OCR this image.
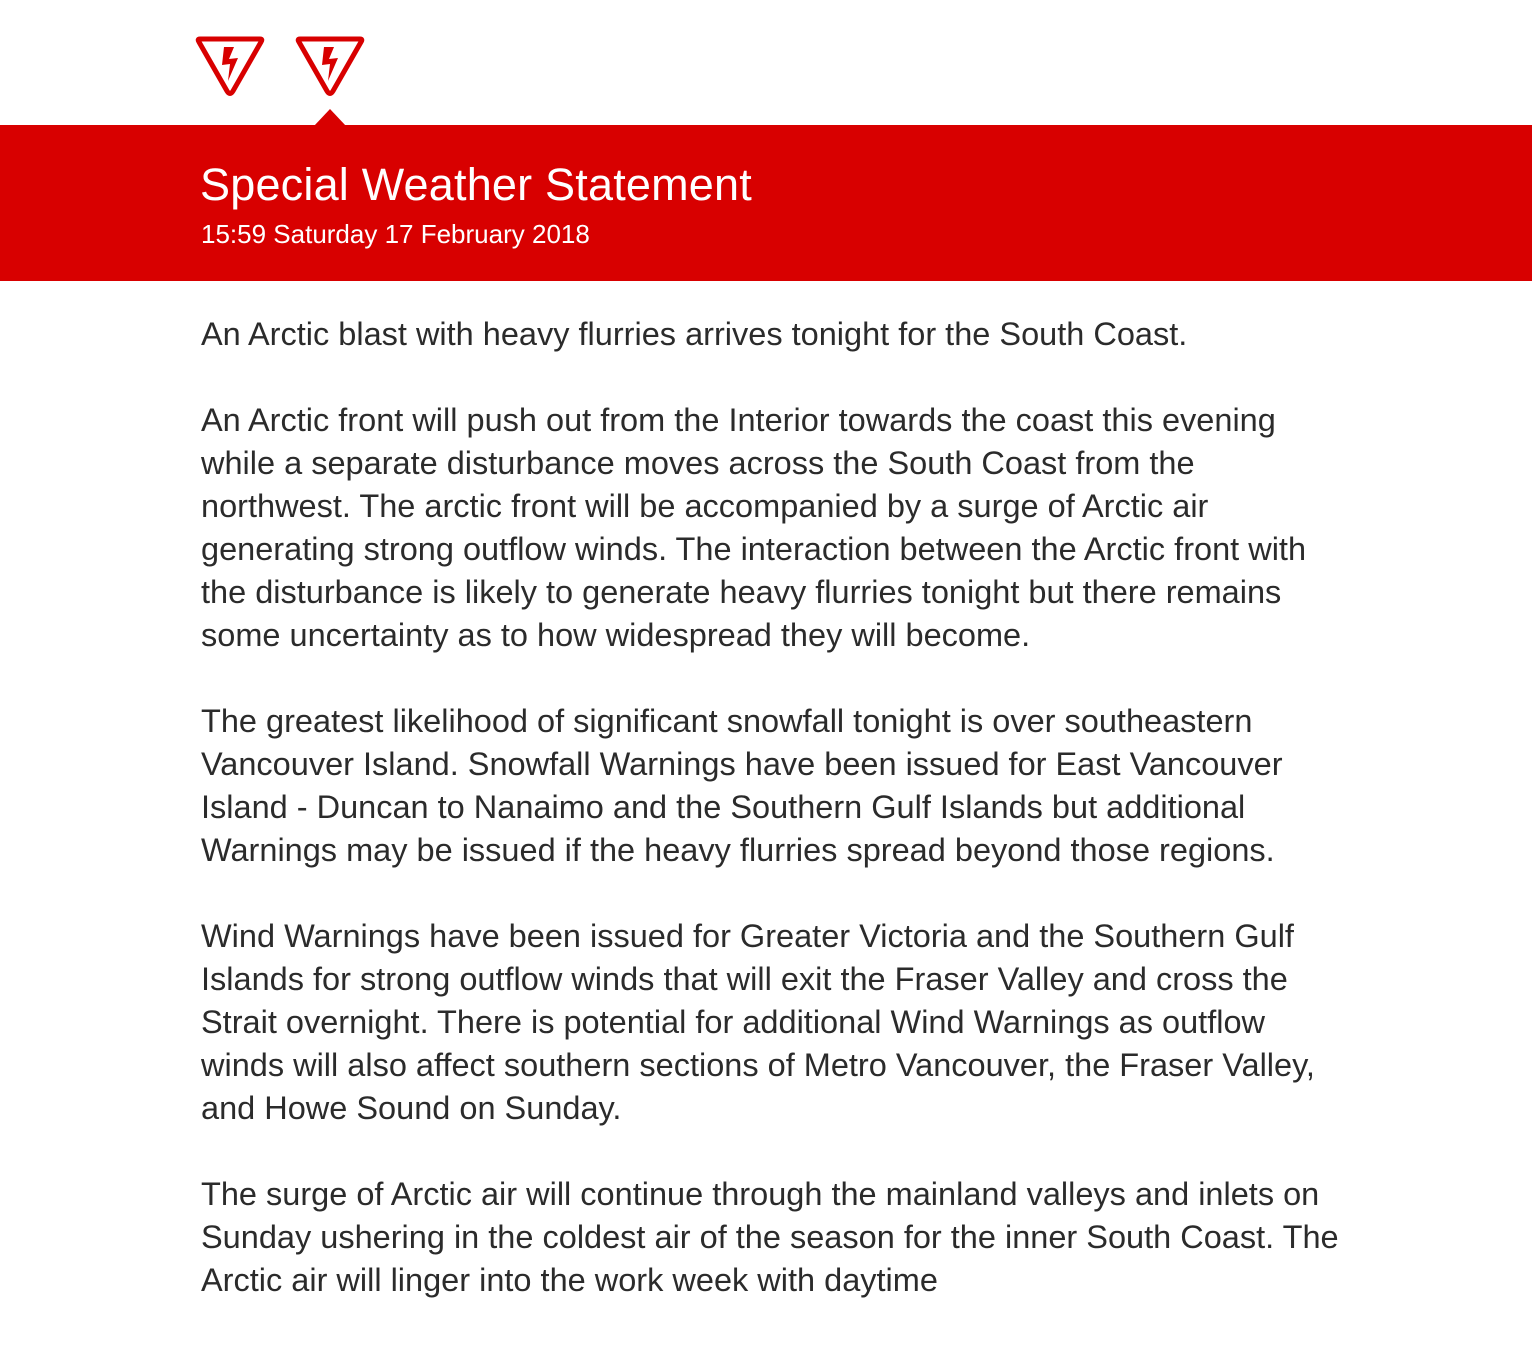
Special Weather Statement
15:59 Saturday 17 February 2018

An Arctic blast with heavy flurries arrives tonight for the South Coast.

An Arctic front will push out from the Interior towards the coast this evening while a separate disturbance moves across the South Coast from the northwest. The arctic front will be accompanied by a surge of Arctic air generating strong outflow winds. The interaction between the Arctic front with the disturbance is likely to generate heavy flurries tonight but there remains some uncertainty as to how widespread they will become.

The greatest likelihood of significant snowfall tonight is over southeastern Vancouver Island. Snowfall Warnings have been issued for East Vancouver Island - Duncan to Nanaimo and the Southern Gulf Islands but additional Warnings may be issued if the heavy flurries spread beyond those regions.

Wind Warnings have been issued for Greater Victoria and the Southern Gulf Islands for strong outflow winds that will exit the Fraser Valley and cross the Strait overnight. There is potential for additional Wind Warnings as outflow winds will also affect southern sections of Metro Vancouver, the Fraser Valley, and Howe Sound on Sunday.

The surge of Arctic air will continue through the mainland valleys and inlets on Sunday ushering in the coldest air of the season for the inner South Coast. The Arctic air will linger into the work week with daytime
